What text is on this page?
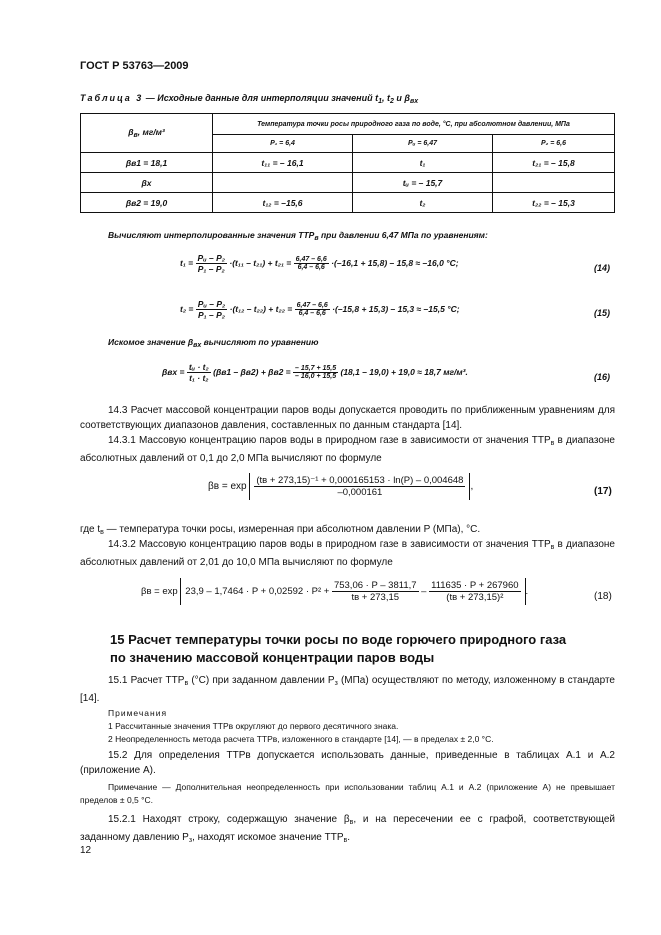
ГОСТ Р 53763—2009
Таблица 3 — Исходные данные для интерполяции значений $t_1$, $t_2$ и $\beta_{вх}$
$\beta_в$, мг/м³	Температура точки росы природного газа по воде, °С, при абсолютном давлении, МПа		
	P₁ = 6,4	Pᵤ = 6,47	P₂ = 6,6
βв1 = 18,1	t₁₁ = – 16,1	t₁	t₂₁ = – 15,8
βx		tᵤ = – 15,7	
βв2 = 19,0	t₁₂ = –15,6	t₂	t₂₂ = – 15,3
Вычисляют интерполированные значения $ТТР_в$ при давлении 6,47 МПа по уравнениям:
$t_1 = \frac{\text{Pᵤ – P₂}}{\text{P₁ – P₂}} \cdot(t_{11} - t_{21}) + t_{21} = \frac{6,47 - 6,6}{6,4 - 6,6} \cdot(-16,1 + 15,8) - 15,8 \approx -16,0$ °C;
(14)
$t_2 = \frac{\text{Pᵤ – P₂}}{\text{P₁ – P₂}} \cdot(t_{12} - t_{22}) + t_{22} = \frac{6,47 - 6,6}{6,4 - 6,6} \cdot(-15,8 + 15,3) - 15,3 \approx -15,5$ °C;	(15)
Искомое значение $\beta_{вх}$ вычисляют по уравнению
$\beta вх = \frac{\text{tᵤ · t₂}}{\text{t₁ · t₂}} (\beta в1 - \beta в2) + \beta в2 = \frac{- 15,7 + 15,5}{- 16,0 + 15,5} (18,1 - 19,0) + 19,0 \approx 18,7$ мг/м³.
(16)
14.3 Расчет массовой концентрации паров воды допускается проводить по приближенным уравнениям для соответствующих диапазонов давления, составленных по данным стандарта [14].
14.3.1 Массовую концентрацию паров воды в природном газе в зависимости от значения $ТТР_в$ в диапазоне абсолютных давлений от 0,1 до 2,0 МПа вычисляют по формуле
$\beta в = \exp \frac{\text{(tв + 273,15)⁻¹ + 0,000165153 · ln(P) – 0,004648}}{-0,000161}$ ,	(17)
где $t_в$ — температура точки росы, измеренная при абсолютном давлении P (МПа), °С.
14.3.2 Массовую концентрацию паров воды в природном газе в зависимости от значения $ТТР_в$ в диапазоне абсолютных давлений от 2,01 до 10,0 МПа вычисляют по формуле
$\beta в = \exp 23,9 - 1,7464 \cdot P + 0,02592 \cdot P^2 + \frac{753,06 \cdot P - 3811,7}{tв + 273,15} - \frac{111635 \cdot P + 267960}{\text{(tв + 273,15)²}}$ .	(18)
15 Расчет температуры точки росы по воде горючего природного газа
по значению массовой концентрации паров воды
15.1 Расчет $ТТР_в$ (°С) при заданном давлении $P_з$ (МПа) осуществляют по методу, изложенному в стандарте [14].
Примечания
1 Рассчитанные значения ТТРв округляют до первого десятичного знака.
2 Неопределенность метода расчета ТТРв, изложенного в стандарте [14], — в пределах ± 2,0 °С.
15.2 Для определения ТТРв допускается использовать данные, приведенные в таблицах А.1 и А.2 (приложение А).
Примечание — Дополнительная неопределенность при использовании таблиц А.1 и А.2 (приложение А) не превышает пределов ± 0,5 °С.
15.2.1 Находят строку, содержащую значение $\beta_в$, и на пересечении ее с графой, соответствующей заданному давлению $P_з$, находят искомое значение $ТТР_в$.
12
